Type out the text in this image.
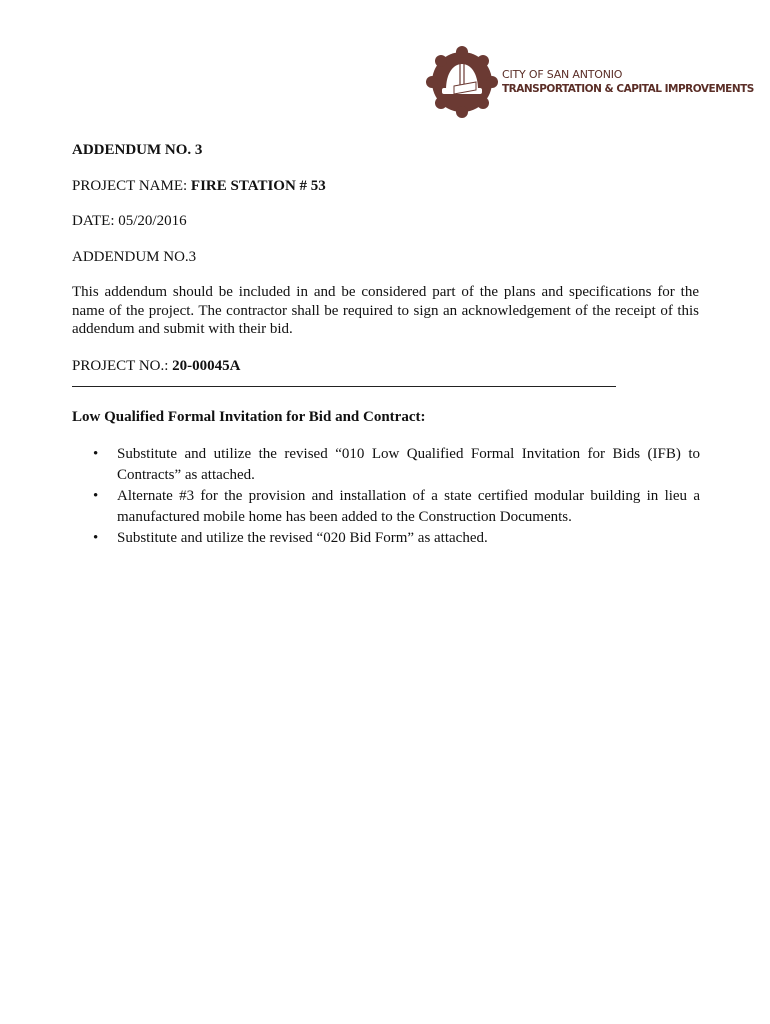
CITY OF SAN ANTONIO
TRANSPORTATION & CAPITAL IMPROVEMENTS
ADDENDUM NO. 3
PROJECT NAME: FIRE STATION # 53
DATE: 05/20/2016
ADDENDUM NO.3
This addendum should be included in and be considered part of the plans and specifications for the name of the project. The contractor shall be required to sign an acknowledgement of the receipt of this addendum and submit with their bid.
PROJECT NO.: 20-00045A
Low Qualified Formal Invitation for Bid and Contract:
• Substitute and utilize the revised “010 Low Qualified Formal Invitation for Bids (IFB) to Contracts” as attached.
• Alternate #3 for the provision and installation of a state certified modular building in lieu a manufactured mobile home has been added to the Construction Documents.
• Substitute and utilize the revised “020 Bid Form” as attached.
